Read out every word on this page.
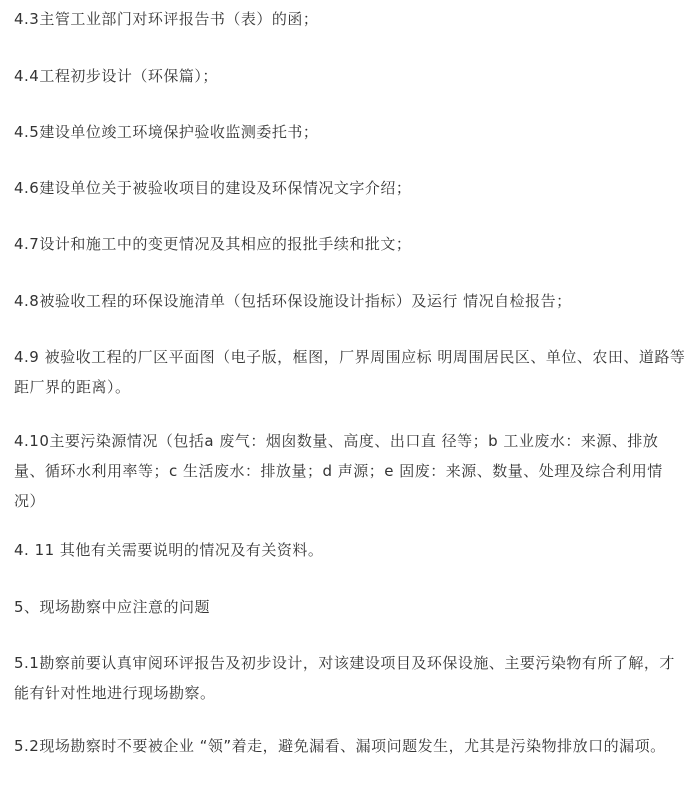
4.3主管工业部门对环评报告书（表）的函；

4.4工程初步设计（环保篇）；

4.5建设单位竣工环境保护验收监测委托书；

4.6建设单位关于被验收项目的建设及环保情况文字介绍；

4.7设计和施工中的变更情况及其相应的报批手续和批文；

4.8被验收工程的环保设施清单（包括环保设施设计指标）及运行 情况自检报告；

4.9 被验收工程的厂区平面图（电子版，框图，厂界周围应标 明周围居民区、单位、农田、道路等距厂界的距离）。

4.10主要污染源情况（包括a 废气：烟囱数量、高度、出口直 径等；b 工业废水：来源、排放量、循环水利用率等；c 生活废水：排放量；d 声源；e 固废：来源、数量、处理及综合利用情况）

4. 11 其他有关需要说明的情况及有关资料。

5、现场勘察中应注意的问题

5.1勘察前要认真审阅环评报告及初步设计，对该建设项目及环保设施、主要污染物有所了解，才能有针对性地进行现场勘察。

5.2现场勘察时不要被企业 “领”着走，避免漏看、漏项问题发生，尤其是污染物排放口的漏项。
